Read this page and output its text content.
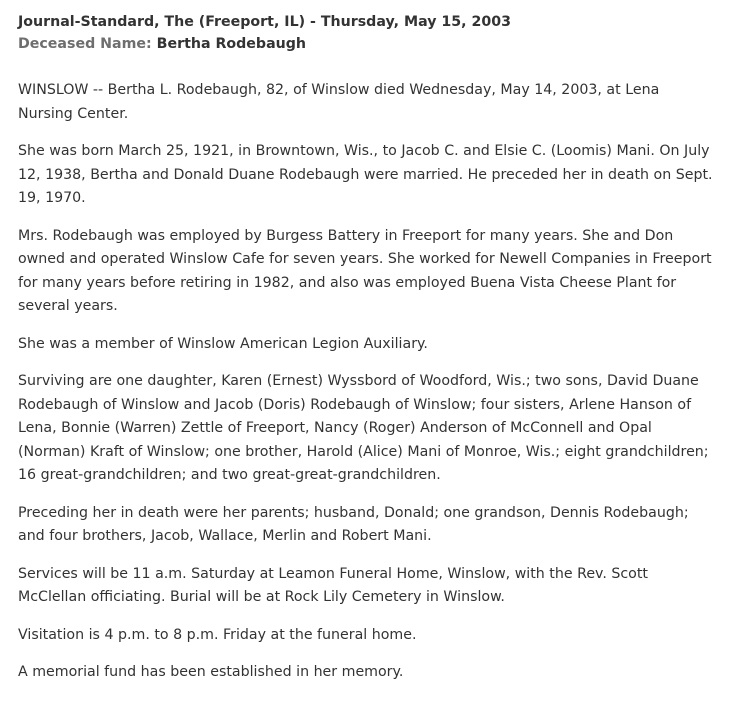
Journal-Standard, The (Freeport, IL) - Thursday, May 15, 2003

Deceased Name: Bertha Rodebaugh

WINSLOW -- Bertha L. Rodebaugh, 82, of Winslow died Wednesday, May 14, 2003, at Lena Nursing Center.

She was born March 25, 1921, in Browntown, Wis., to Jacob C. and Elsie C. (Loomis) Mani. On July 12, 1938, Bertha and Donald Duane Rodebaugh were married. He preceded her in death on Sept. 19, 1970.

Mrs. Rodebaugh was employed by Burgess Battery in Freeport for many years. She and Don owned and operated Winslow Cafe for seven years. She worked for Newell Companies in Freeport for many years before retiring in 1982, and also was employed Buena Vista Cheese Plant for several years.

She was a member of Winslow American Legion Auxiliary.

Surviving are one daughter, Karen (Ernest) Wyssbord of Woodford, Wis.; two sons, David Duane Rodebaugh of Winslow and Jacob (Doris) Rodebaugh of Winslow; four sisters, Arlene Hanson of Lena, Bonnie (Warren) Zettle of Freeport, Nancy (Roger) Anderson of McConnell and Opal (Norman) Kraft of Winslow; one brother, Harold (Alice) Mani of Monroe, Wis.; eight grandchildren; 16 great-grandchildren; and two great-great-grandchildren.

Preceding her in death were her parents; husband, Donald; one grandson, Dennis Rodebaugh; and four brothers, Jacob, Wallace, Merlin and Robert Mani.

Services will be 11 a.m. Saturday at Leamon Funeral Home, Winslow, with the Rev. Scott McClellan officiating. Burial will be at Rock Lily Cemetery in Winslow.

Visitation is 4 p.m. to 8 p.m. Friday at the funeral home.

A memorial fund has been established in her memory.
